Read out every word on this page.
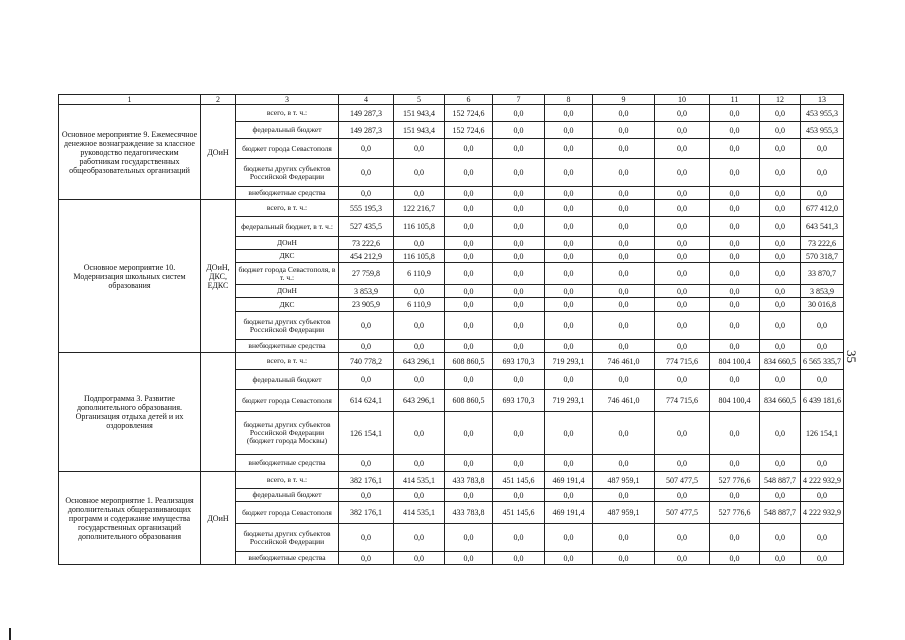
1	2	3	4	5	6	7	8	9	10	11	12	13
Основное мероприятие 9. Ежемесячное денежное вознаграждение за классное руководство педагогическим работникам государственных общеобразовательных организаций	ДОиН	всего, в т. ч.:	149 287,3	151 943,4	152 724,6	0,0	0,0	0,0	0,0	0,0	0,0	453 955,3
		федеральный бюджет	149 287,3	151 943,4	152 724,6	0,0	0,0	0,0	0,0	0,0	0,0	453 955,3
		бюджет города Севастополя	0,0	0,0	0,0	0,0	0,0	0,0	0,0	0,0	0,0	0,0
		бюджеты других субъектов Российской Федерации	0,0	0,0	0,0	0,0	0,0	0,0	0,0	0,0	0,0	0,0
		внебюджетные средства	0,0	0,0	0,0	0,0	0,0	0,0	0,0	0,0	0,0	0,0
Основное мероприятие 10. Модернизация школьных систем образования	ДОиН, ДКС, ЕДКС	всего, в т. ч.:	555 195,3	122 216,7	0,0	0,0	0,0	0,0	0,0	0,0	0,0	677 412,0
		федеральный бюджет, в т. ч.:	527 435,5	116 105,8	0,0	0,0	0,0	0,0	0,0	0,0	0,0	643 541,3
		ДОиН	73 222,6	0,0	0,0	0,0	0,0	0,0	0,0	0,0	0,0	73 222,6
		ДКС	454 212,9	116 105,8	0,0	0,0	0,0	0,0	0,0	0,0	0,0	570 318,7
		бюджет города Севастополя, в т. ч.:	27 759,8	6 110,9	0,0	0,0	0,0	0,0	0,0	0,0	0,0	33 870,7
		ДОиН	3 853,9	0,0	0,0	0,0	0,0	0,0	0,0	0,0	0,0	3 853,9
		ДКС	23 905,9	6 110,9	0,0	0,0	0,0	0,0	0,0	0,0	0,0	30 016,8
		бюджеты других субъектов Российской Федерации	0,0	0,0	0,0	0,0	0,0	0,0	0,0	0,0	0,0	0,0
		внебюджетные средства	0,0	0,0	0,0	0,0	0,0	0,0	0,0	0,0	0,0	0,0
Подпрограмма 3. Развитие дополнительного образования. Организация отдыха детей и их оздоровления		всего, в т. ч.:	740 778,2	643 296,1	608 860,5	693 170,3	719 293,1	746 461,0	774 715,6	804 100,4	834 660,5	6 565 335,7
		федеральный бюджет	0,0	0,0	0,0	0,0	0,0	0,0	0,0	0,0	0,0	0,0
		бюджет города Севастополя	614 624,1	643 296,1	608 860,5	693 170,3	719 293,1	746 461,0	774 715,6	804 100,4	834 660,5	6 439 181,6
		бюджеты других субъектов Российской Федерации (бюджет города Москвы)	126 154,1	0,0	0,0	0,0	0,0	0,0	0,0	0,0	0,0	126 154,1
		внебюджетные средства	0,0	0,0	0,0	0,0	0,0	0,0	0,0	0,0	0,0	0,0
Основное мероприятие 1. Реализация дополнительных общеразвивающих программ и содержание имущества государственных организаций дополнительного образования	ДОиН	всего, в т. ч.:	382 176,1	414 535,1	433 783,8	451 145,6	469 191,4	487 959,1	507 477,5	527 776,6	548 887,7	4 222 932,9
		федеральный бюджет	0,0	0,0	0,0	0,0	0,0	0,0	0,0	0,0	0,0	0,0
		бюджет города Севастополя	382 176,1	414 535,1	433 783,8	451 145,6	469 191,4	487 959,1	507 477,5	527 776,6	548 887,7	4 222 932,9
		бюджеты других субъектов Российской Федерации	0,0	0,0	0,0	0,0	0,0	0,0	0,0	0,0	0,0	0,0
		внебюджетные средства	0,0	0,0	0,0	0,0	0,0	0,0	0,0	0,0	0,0	0,0
35
